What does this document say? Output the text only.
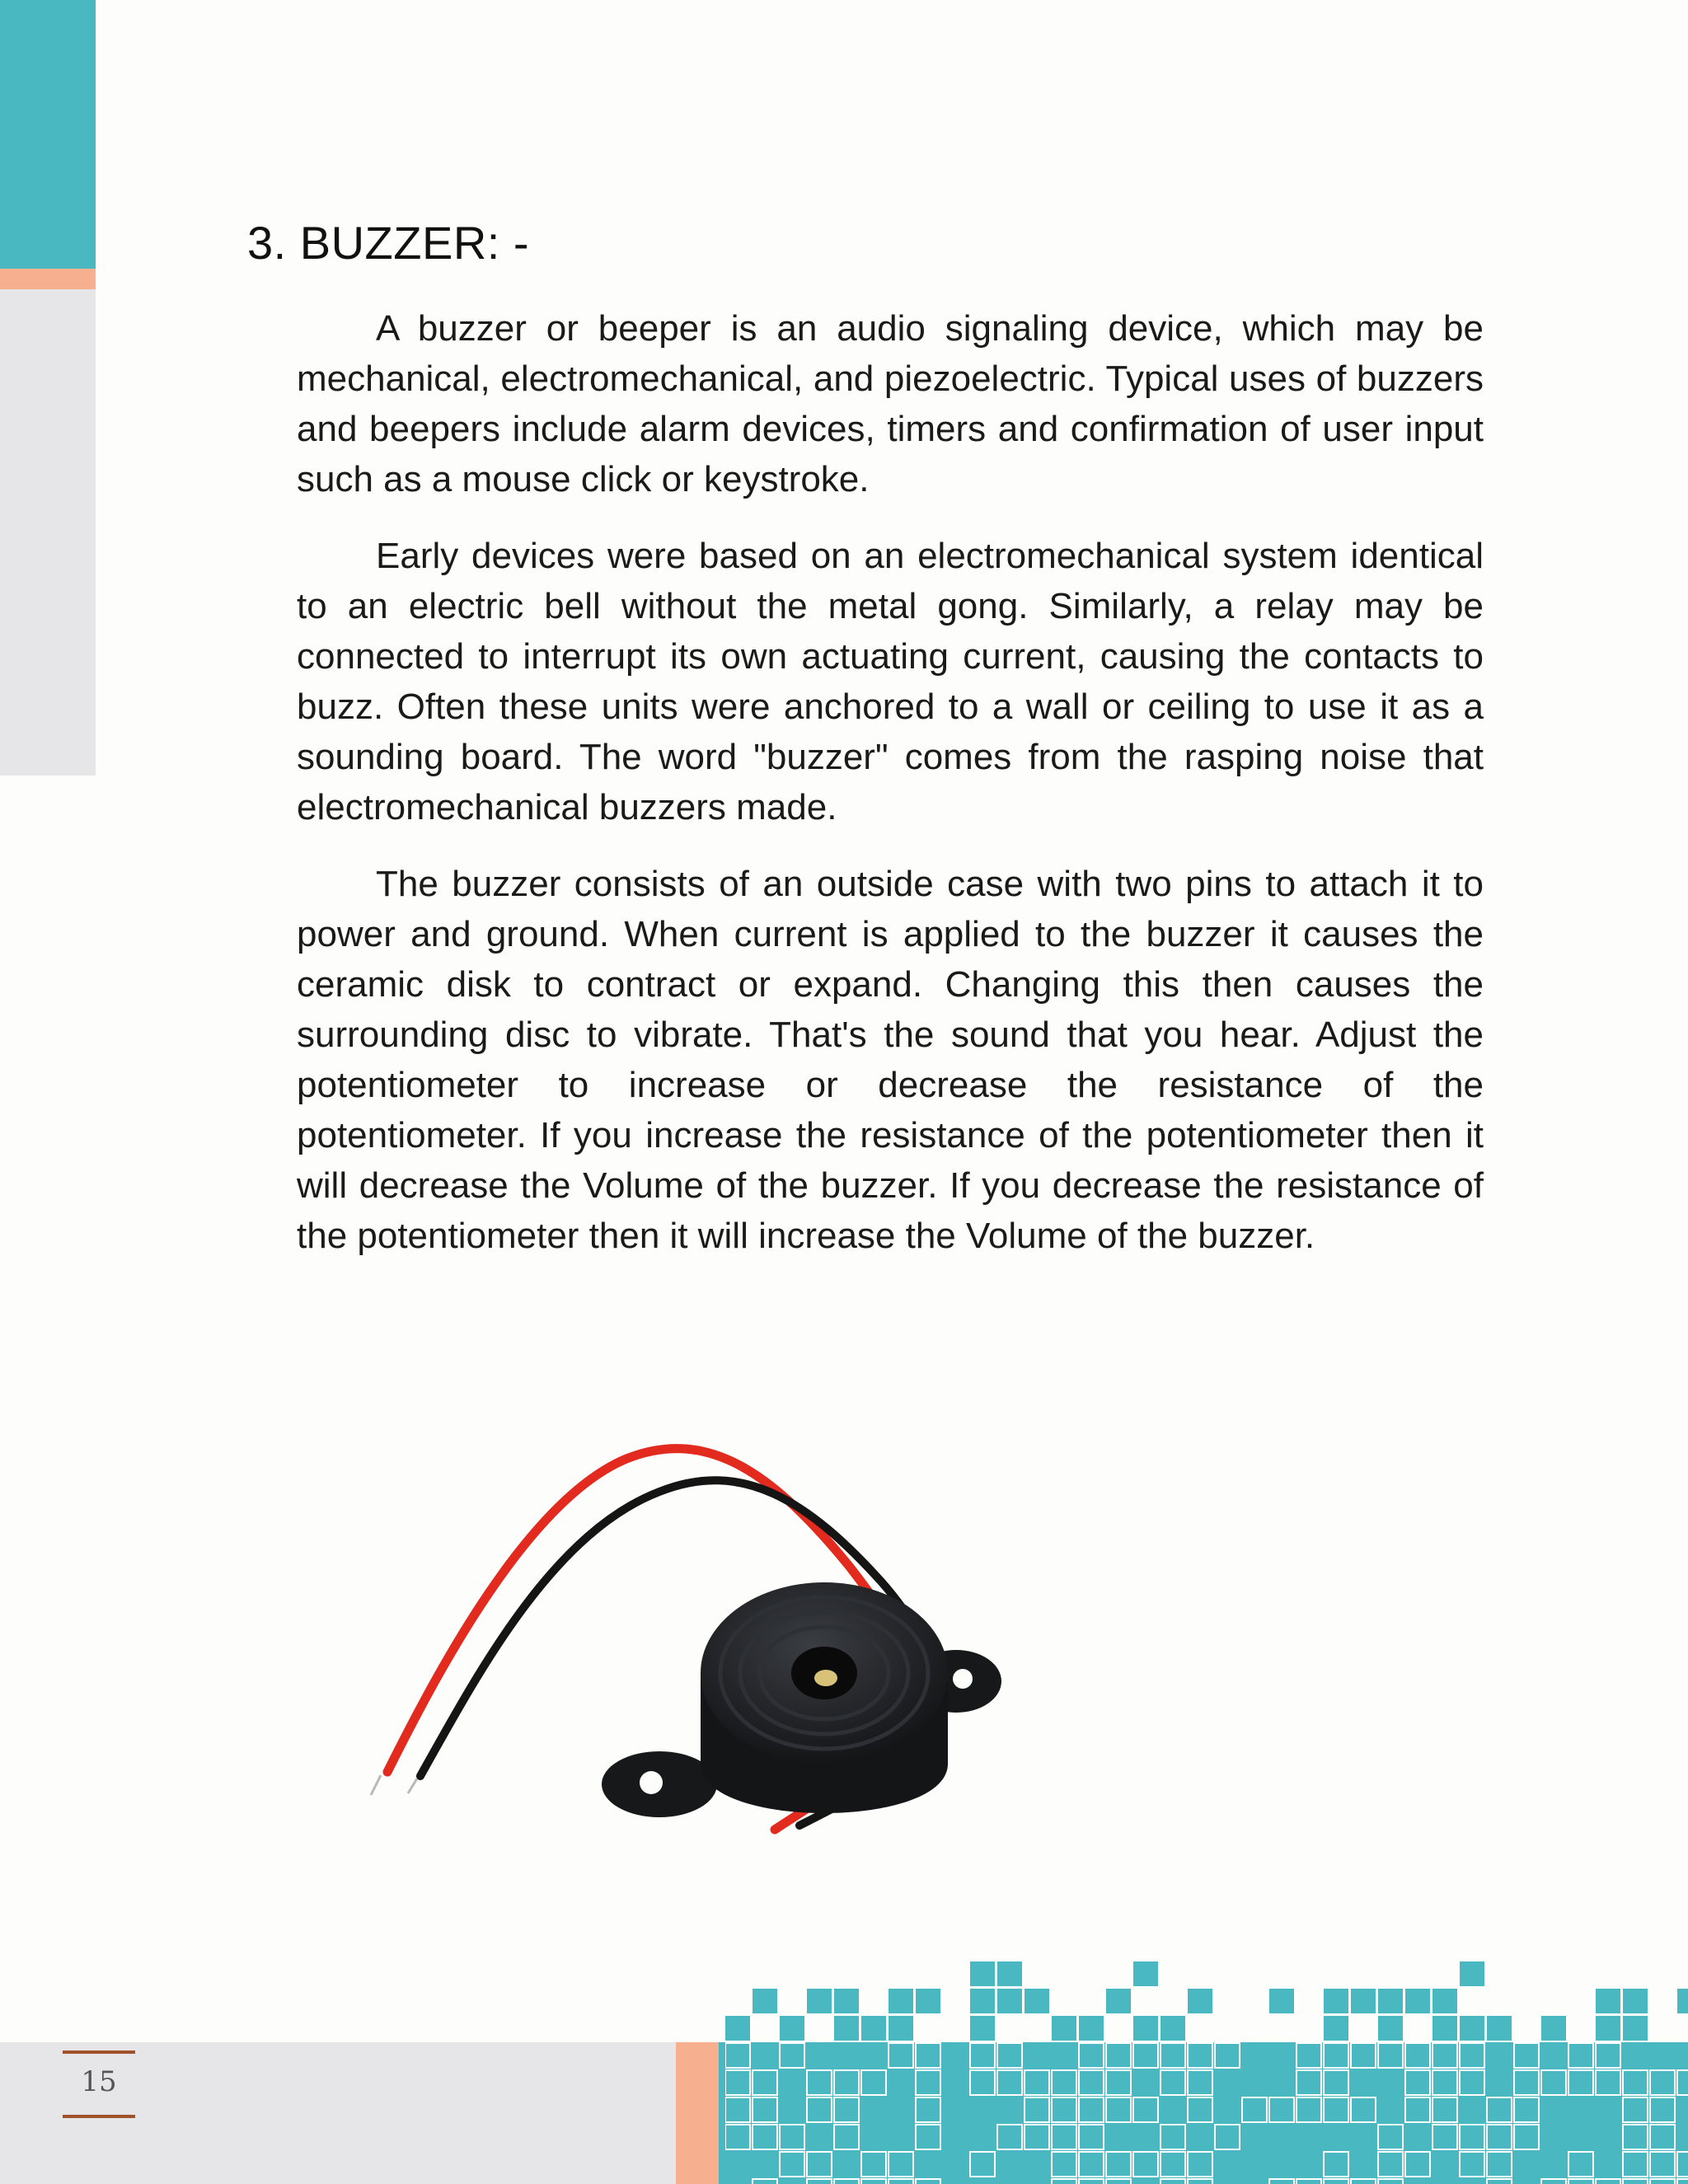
3. BUZZER: -

A buzzer or beeper is an audio signaling device, which may be mechanical, electromechanical, and piezoelectric. Typical uses of buzzers and beepers include alarm devices, timers and confirmation of user input such as a mouse click or keystroke.

Early devices were based on an electromechanical system identical to an electric bell without the metal gong. Similarly, a relay may be connected to interrupt its own actuating current, causing the contacts to buzz. Often these units were anchored to a wall or ceiling to use it as a sounding board. The word "buzzer" comes from the rasping noise that electromechanical buzzers made.

The buzzer consists of an outside case with two pins to attach it to power and ground. When current is applied to the buzzer it causes the ceramic disk to contract or expand. Changing this then causes the surrounding disc to vibrate. That's the sound that you hear. Adjust the potentiometer to increase or decrease the resistance of the potentiometer. If you increase the resistance of the potentiometer then it will decrease the Volume of the buzzer. If you decrease the resistance of the potentiometer then it will increase the Volume of the buzzer.

15
